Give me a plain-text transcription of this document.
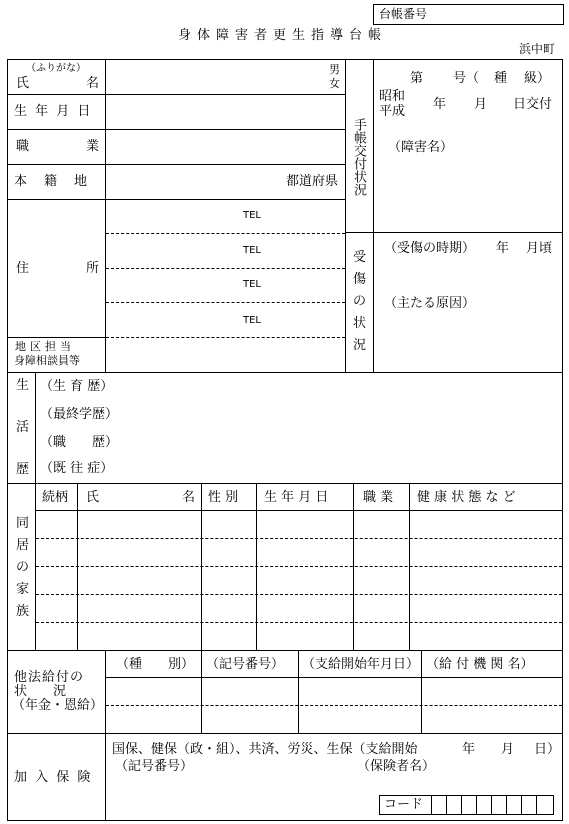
台帳番号
身体障害者更生指導台帳
浜中町
（ふりがな）
氏	名
男
女
生 年 月 日
職	業
本　籍　地	都道府県
住	所
TEL
TEL
TEL
TEL
地区担当
身障相談員等
手帳交付状況
第 号（ 種 級）
昭和
平成 年 月 日交付
（障害名）
受
傷
の
状
況
（受傷の時期） 年 月頃
（主たる原因）
生
活
歴
（生 育 歴）
（最終学歴）
（職　　歴）
（既 往 症）
同
居
の
家
族
続柄 氏	名 性 別 生 年 月 日	職 業 健 康 状 態 な ど
他法給付の
状　　況
（年金・恩給）
（種　　別） （記号番号） （支給開始年月日） （給 付 機 関 名）
加 入 保 険
国保、健保（政・組）、共済、労災、生保（支給開始	年 月 日）
（記号番号）	（保険者名）
コード
